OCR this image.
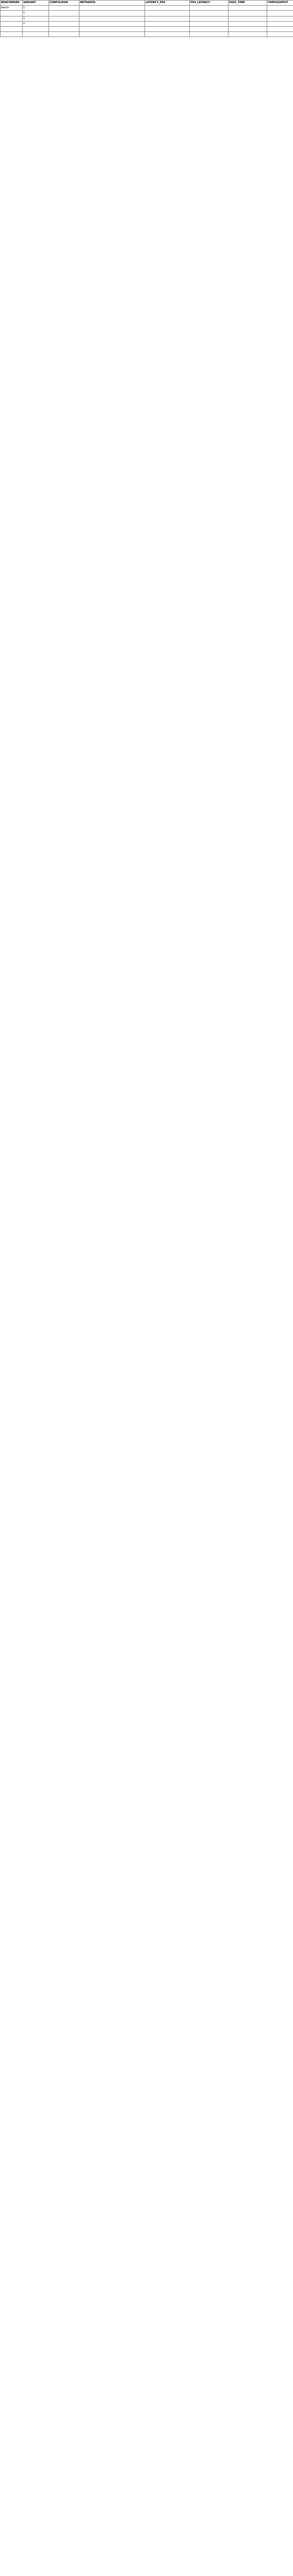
BENCHMARK	VARIANT	CONFIG/RUN	METADATA	LATENCY_P50	P95_LATENCY	EXEC_TIME	THROUGHPUT
bench	1						
	1						
	1						
	1						
